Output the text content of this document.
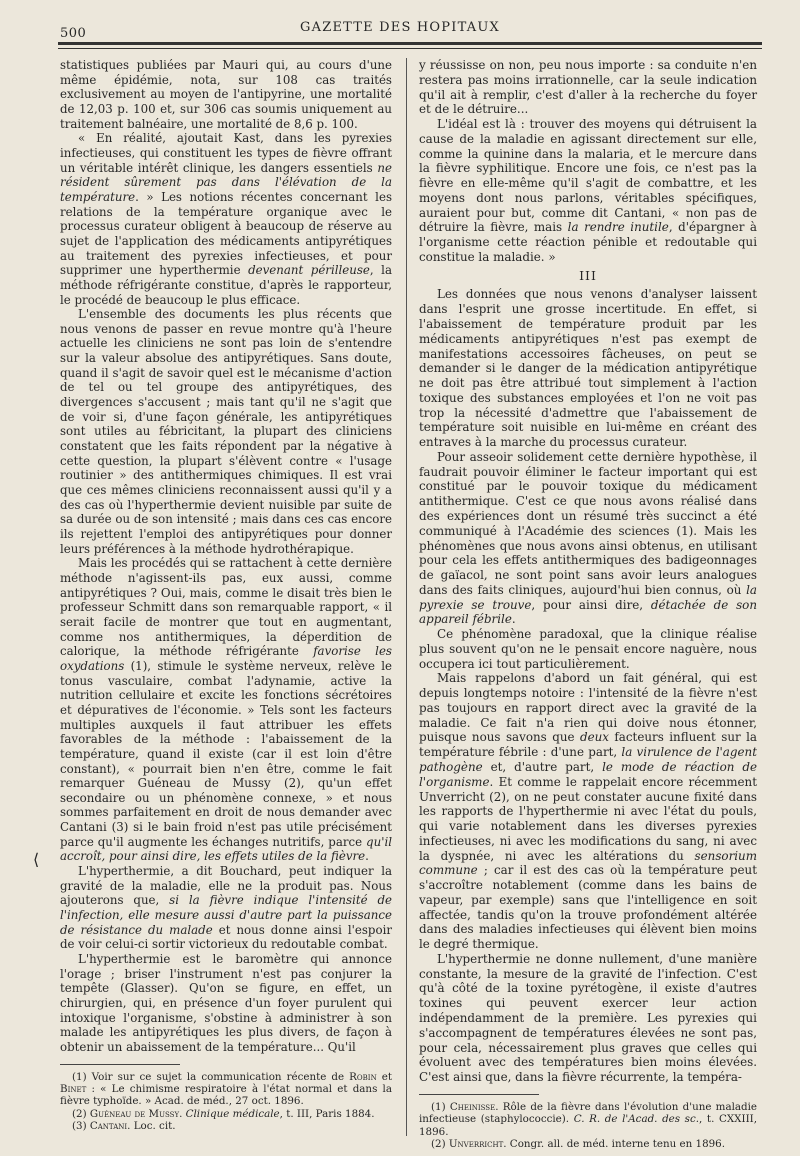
500	GAZETTE DES HOPITAUX
⟨

statistiques publiées par Mauri qui, au cours d'une même épidémie, nota, sur 108 cas traités exclusivement au moyen de l'antipyrine, une mortalité de 12,03 p. 100 et, sur 306 cas soumis uniquement au traitement balnéaire, une mortalité de 8,6 p. 100.

« En réalité, ajoutait Kast, dans les pyrexies infectieuses, qui constituent les types de fièvre offrant un véritable intérêt clinique, les dangers essentiels ne résident sûrement pas dans l'élévation de la température. » Les notions récentes concernant les relations de la température organique avec le processus curateur obligent à beaucoup de réserve au sujet de l'application des médicaments antipyrétiques au traitement des pyrexies infectieuses, et pour supprimer une hyperthermie devenant périlleuse, la méthode réfrigérante constitue, d'après le rapporteur, le procédé de beaucoup le plus efficace.

L'ensemble des documents les plus récents que nous venons de passer en revue montre qu'à l'heure actuelle les cliniciens ne sont pas loin de s'entendre sur la valeur absolue des antipyrétiques. Sans doute, quand il s'agit de savoir quel est le mécanisme d'action de tel ou tel groupe des antipyrétiques, des divergences s'accusent ; mais tant qu'il ne s'agit que de voir si, d'une façon générale, les antipyrétiques sont utiles au fébricitant, la plupart des cliniciens constatent que les faits répondent par la négative à cette question, la plupart s'élèvent contre « l'usage routinier » des antithermiques chimiques. Il est vrai que ces mêmes cliniciens reconnaissent aussi qu'il y a des cas où l'hyperthermie devient nuisible par suite de sa durée ou de son intensité ; mais dans ces cas encore ils rejettent l'emploi des antipyrétiques pour donner leurs préférences à la méthode hydrothérapique.

Mais les procédés qui se rattachent à cette dernière méthode n'agissent-ils pas, eux aussi, comme antipyrétiques ? Oui, mais, comme le disait très bien le professeur Schmitt dans son remarquable rapport, « il serait facile de montrer que tout en augmentant, comme nos antithermiques, la déperdition de calorique, la méthode réfrigérante favorise les oxydations (1), stimule le système nerveux, relève le tonus vasculaire, combat l'adynamie, active la nutrition cellulaire et excite les fonctions sécrétoires et dépuratives de l'économie. » Tels sont les facteurs multiples auxquels il faut attribuer les effets favorables de la méthode : l'abaissement de la température, quand il existe (car il est loin d'être constant), « pourrait bien n'en être, comme le fait remarquer Guéneau de Mussy (2), qu'un effet secondaire ou un phénomène connexe, » et nous sommes parfaitement en droit de nous demander avec Cantani (3) si le bain froid n'est pas utile précisément parce qu'il augmente les échanges nutritifs, parce qu'il accroît, pour ainsi dire, les effets utiles de la fièvre.

L'hyperthermie, a dit Bouchard, peut indiquer la gravité de la maladie, elle ne la produit pas. Nous ajouterons que, si la fièvre indique l'intensité de l'infection, elle mesure aussi d'autre part la puissance de résistance du malade et nous donne ainsi l'espoir de voir celui-ci sortir victorieux du redoutable combat.

L'hyperthermie est le baromètre qui annonce l'orage ; briser l'instrument n'est pas conjurer la tempête (Glasser). Qu'on se figure, en effet, un chirurgien, qui, en présence d'un foyer purulent qui intoxique l'organisme, s'obstine à administrer à son malade les antipyrétiques les plus divers, de façon à obtenir un abaissement de la température... Qu'il

(1) Voir sur ce sujet la communication récente de Robin et Binet : « Le chimisme respiratoire à l'état normal et dans la fièvre typhoïde. » Acad. de méd., 27 oct. 1896.

(2) Guéneau de Mussy. Clinique médicale, t. III, Paris 1884.

(3) Cantani. Loc. cit.

y réussisse on non, peu nous importe : sa conduite n'en restera pas moins irrationnelle, car la seule indication qu'il ait à remplir, c'est d'aller à la recherche du foyer et de le détruire...

L'idéal est là : trouver des moyens qui détruisent la cause de la maladie en agissant directement sur elle, comme la quinine dans la malaria, et le mercure dans la fièvre syphilitique. Encore une fois, ce n'est pas la fièvre en elle-même qu'il s'agit de combattre, et les moyens dont nous parlons, véritables spécifiques, auraient pour but, comme dit Cantani, « non pas de détruire la fièvre, mais la rendre inutile, d'épargner à l'organisme cette réaction pénible et redoutable qui constitue la maladie. »

III

Les données que nous venons d'analyser laissent dans l'esprit une grosse incertitude. En effet, si l'abaissement de température produit par les médicaments antipyrétiques n'est pas exempt de manifestations accessoires fâcheuses, on peut se demander si le danger de la médication antipyrétique ne doit pas être attribué tout simplement à l'action toxique des substances employées et l'on ne voit pas trop la nécessité d'admettre que l'abaissement de température soit nuisible en lui-même en créant des entraves à la marche du processus curateur.

Pour asseoir solidement cette dernière hypothèse, il faudrait pouvoir éliminer le facteur important qui est constitué par le pouvoir toxique du médicament antithermique. C'est ce que nous avons réalisé dans des expériences dont un résumé très succinct a été communiqué à l'Académie des sciences (1). Mais les phénomènes que nous avons ainsi obtenus, en utilisant pour cela les effets antithermiques des badigeonnages de gaïacol, ne sont point sans avoir leurs analogues dans des faits cliniques, aujourd'hui bien connus, où la pyrexie se trouve, pour ainsi dire, détachée de son appareil fébrile.

Ce phénomène paradoxal, que la clinique réalise plus souvent qu'on ne le pensait encore naguère, nous occupera ici tout particulièrement.

Mais rappelons d'abord un fait général, qui est depuis longtemps notoire : l'intensité de la fièvre n'est pas toujours en rapport direct avec la gravité de la maladie. Ce fait n'a rien qui doive nous étonner, puisque nous savons que deux facteurs influent sur la température fébrile : d'une part, la virulence de l'agent pathogène et, d'autre part, le mode de réaction de l'organisme. Et comme le rappelait encore récemment Unverricht (2), on ne peut constater aucune fixité dans les rapports de l'hyperthermie ni avec l'état du pouls, qui varie notablement dans les diverses pyrexies infectieuses, ni avec les modifications du sang, ni avec la dyspnée, ni avec les altérations du sensorium commune ; car il est des cas où la température peut s'accroître notablement (comme dans les bains de vapeur, par exemple) sans que l'intelligence en soit affectée, tandis qu'on la trouve profondément altérée dans des maladies infectieuses qui élèvent bien moins le degré thermique.

L'hyperthermie ne donne nullement, d'une manière constante, la mesure de la gravité de l'infection. C'est qu'à côté de la toxine pyrétogène, il existe d'autres toxines qui peuvent exercer leur action indépendamment de la première. Les pyrexies qui s'accompagnent de températures élevées ne sont pas, pour cela, nécessairement plus graves que celles qui évoluent avec des températures bien moins élevées. C'est ainsi que, dans la fièvre récurrente, la tempéra-

(1) Cheinisse. Rôle de la fièvre dans l'évolution d'une maladie infectieuse (staphylococcie). C. R. de l'Acad. des sc., t. CXXIII, 1896.

(2) Unverricht. Congr. all. de méd. interne tenu en 1896.
